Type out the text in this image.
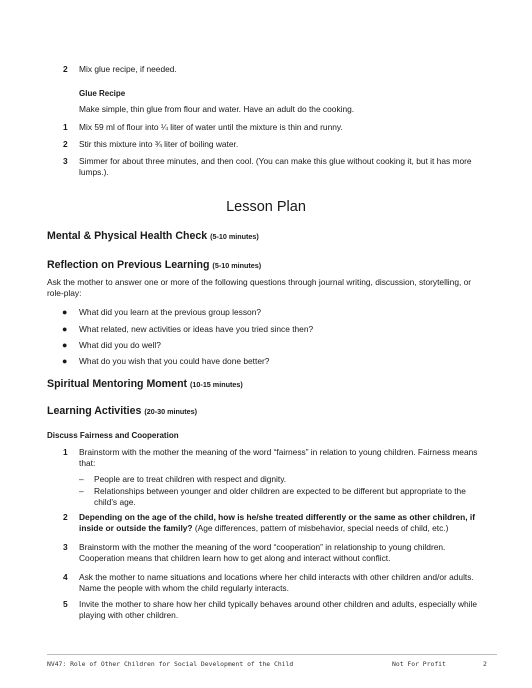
2 Mix glue recipe, if needed.
Glue Recipe
Make simple, thin glue from flour and water. Have an adult do the cooking.
1 Mix 59 ml of flour into ¼ liter of water until the mixture is thin and runny.
2 Stir this mixture into ¾ liter of boiling water.
3 Simmer for about three minutes, and then cool. (You can make this glue without cooking it, but it has more lumps.).
Lesson Plan
Mental & Physical Health Check (5-10 minutes)
Reflection on Previous Learning (5-10 minutes)
Ask the mother to answer one or more of the following questions through journal writing, discussion, storytelling, or role-play:
● What did you learn at the previous group lesson?
● What related, new activities or ideas have you tried since then?
● What did you do well?
● What do you wish that you could have done better?
Spiritual Mentoring Moment (10-15 minutes)
Learning Activities (20-30 minutes)
Discuss Fairness and Cooperation
1 Brainstorm with the mother the meaning of the word “fairness” in relation to young children. Fairness means that:
– People are to treat children with respect and dignity.
– Relationships between younger and older children are expected to be different but appropriate to the child’s age.
2 Depending on the age of the child, how is he/she treated differently or the same as other children, if inside or outside the family? (Age differences, pattern of misbehavior, special needs of child, etc.)
3 Brainstorm with the mother the meaning of the word “cooperation” in relationship to young children. Cooperation means that children learn how to get along and interact without conflict.
4 Ask the mother to name situations and locations where her child interacts with other children and/or adults. Name the people with whom the child regularly interacts.
5 Invite the mother to share how her child typically behaves around other children and adults, especially while playing with other children.
NV47: Role of Other Children for Social Development of the Child	Not For Profit	2
